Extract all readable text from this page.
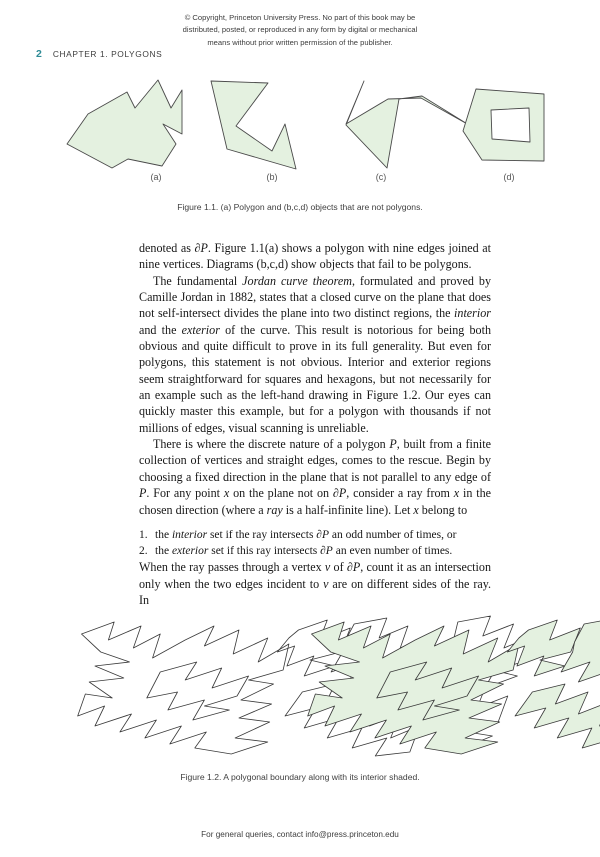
© Copyright, Princeton University Press. No part of this book may be
distributed, posted, or reproduced in any form by digital or mechanical
means without prior written permission of the publisher.
2 CHAPTER 1. POLYGONS
(a)	(b)	(c)	(d)
Figure 1.1. (a) Polygon and (b,c,d) objects that are not polygons.

denoted as ∂P. Figure 1.1(a) shows a polygon with nine edges joined at nine vertices. Diagrams (b,c,d) show objects that fail to be polygons.

The fundamental Jordan curve theorem, formulated and proved by Camille Jordan in 1882, states that a closed curve on the plane that does not self-intersect divides the plane into two distinct regions, the interior and the exterior of the curve. This result is notorious for being both obvious and quite difficult to prove in its full generality. But even for polygons, this statement is not obvious. Interior and exterior regions seem straightforward for squares and hexagons, but not necessarily for an example such as the left-hand drawing in Figure 1.2. Our eyes can quickly master this example, but for a polygon with thousands if not millions of edges, visual scanning is unreliable.

There is where the discrete nature of a polygon P, built from a finite collection of vertices and straight edges, comes to the rescue. Begin by choosing a fixed direction in the plane that is not parallel to any edge of P. For any point x on the plane not on ∂P, consider a ray from x in the chosen direction (where a ray is a half-infinite line). Let x belong to

1. the interior set if the ray intersects ∂P an odd number of times, or
2. the exterior set if this ray intersects ∂P an even number of times.

When the ray passes through a vertex v of ∂P, count it as an intersection only when the two edges incident to v are on different sides of the ray. In

Figure 1.2. A polygonal boundary along with its interior shaded.
For general queries, contact info@press.princeton.edu
